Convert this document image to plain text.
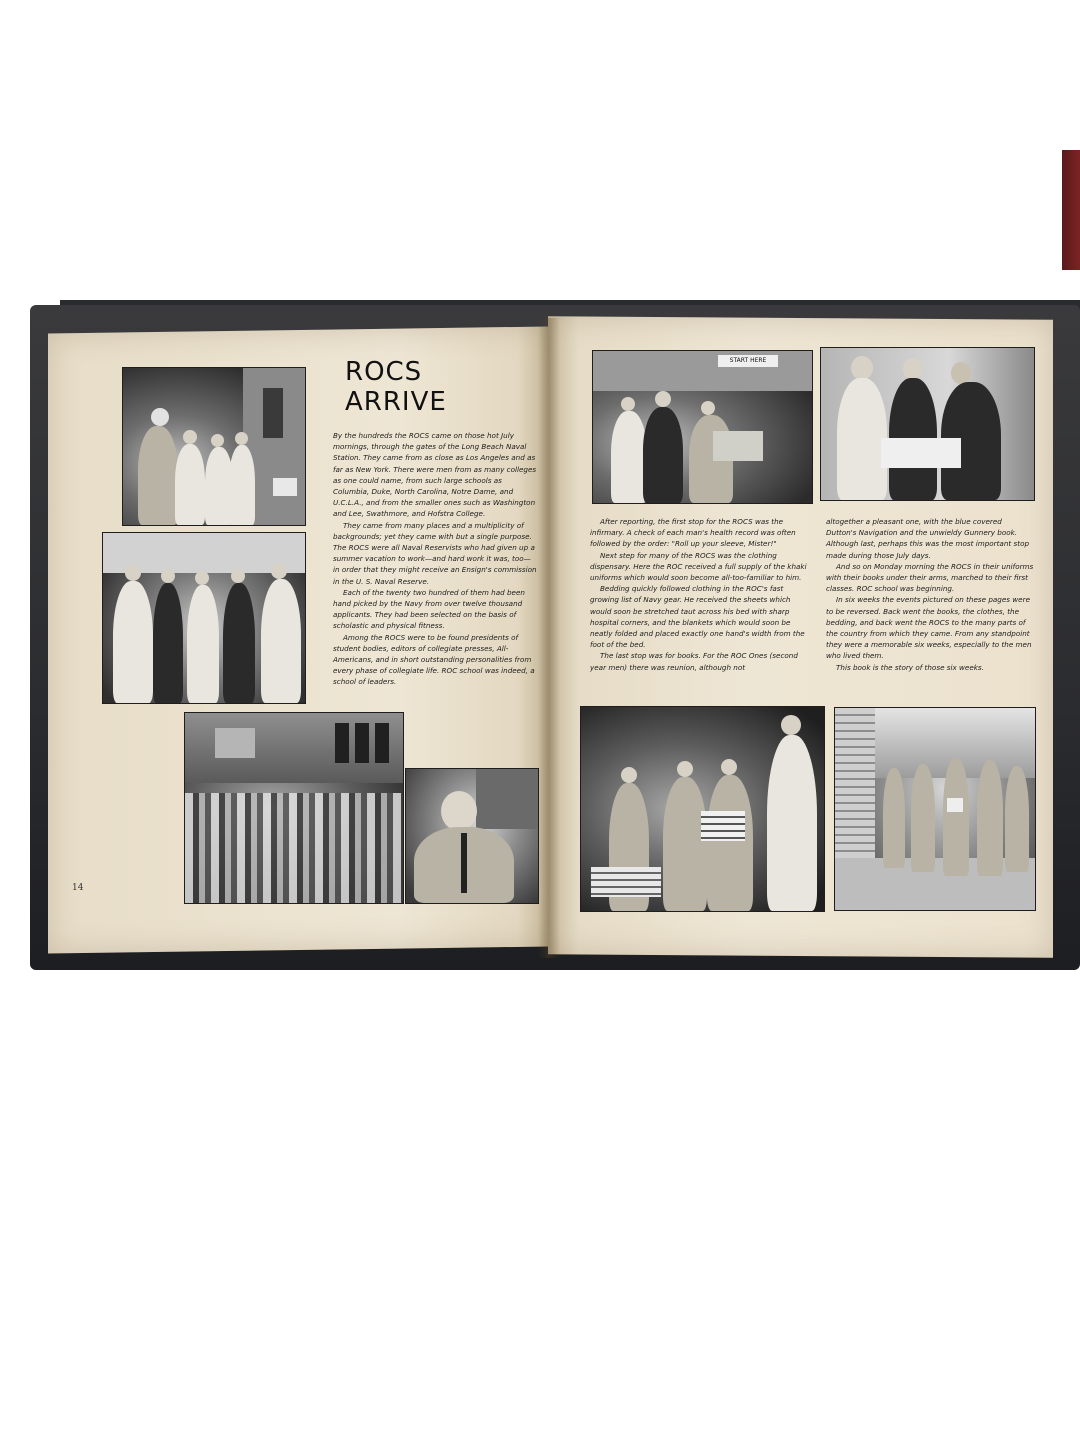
START HERE
ROCS
ARRIVE

By the hundreds the ROCS came on those hot July mornings, through the gates of the Long Beach Naval Station. They came from as close as Los Angeles and as far as New York. There were men from as many colleges as one could name, from such large schools as Columbia, Duke, North Carolina, Notre Dame, and U.C.L.A., and from the smaller ones such as Washington and Lee, Swathmore, and Hofstra College.

They came from many places and a multiplicity of backgrounds; yet they came with but a single purpose. The ROCS were all Naval Reservists who had given up a summer vacation to work—and hard work it was, too—in order that they might receive an Ensign's commission in the U. S. Naval Reserve.

Each of the twenty two hundred of them had been hand picked by the Navy from over twelve thousand applicants. They had been selected on the basis of scholastic and physical fitness.

Among the ROCS were to be found presidents of student bodies, editors of collegiate presses, All-Americans, and in short outstanding personalities from every phase of collegiate life. ROC school was indeed, a school of leaders.

After reporting, the first stop for the ROCS was the infirmary. A check of each man's health record was often followed by the order: "Roll up your sleeve, Mister!"

Next step for many of the ROCS was the clothing dispensary. Here the ROC received a full supply of the khaki uniforms which would soon become all-too-familiar to him.

Bedding quickly followed clothing in the ROC's fast growing list of Navy gear. He received the sheets which would soon be stretched taut across his bed with sharp hospital corners, and the blankets which would soon be neatly folded and placed exactly one hand's width from the foot of the bed.

The last stop was for books. For the ROC Ones (second year men) there was reunion, although not

altogether a pleasant one, with the blue covered Dutton's Navigation and the unwieldy Gunnery book. Although last, perhaps this was the most important stop made during those July days.

And so on Monday morning the ROCS in their uniforms with their books under their arms, marched to their first classes. ROC school was beginning.

In six weeks the events pictured on these pages were to be reversed. Back went the books, the clothes, the bedding, and back went the ROCS to the many parts of the country from which they came. From any standpoint they were a memorable six weeks, especially to the men who lived them.

This book is the story of those six weeks.

14
